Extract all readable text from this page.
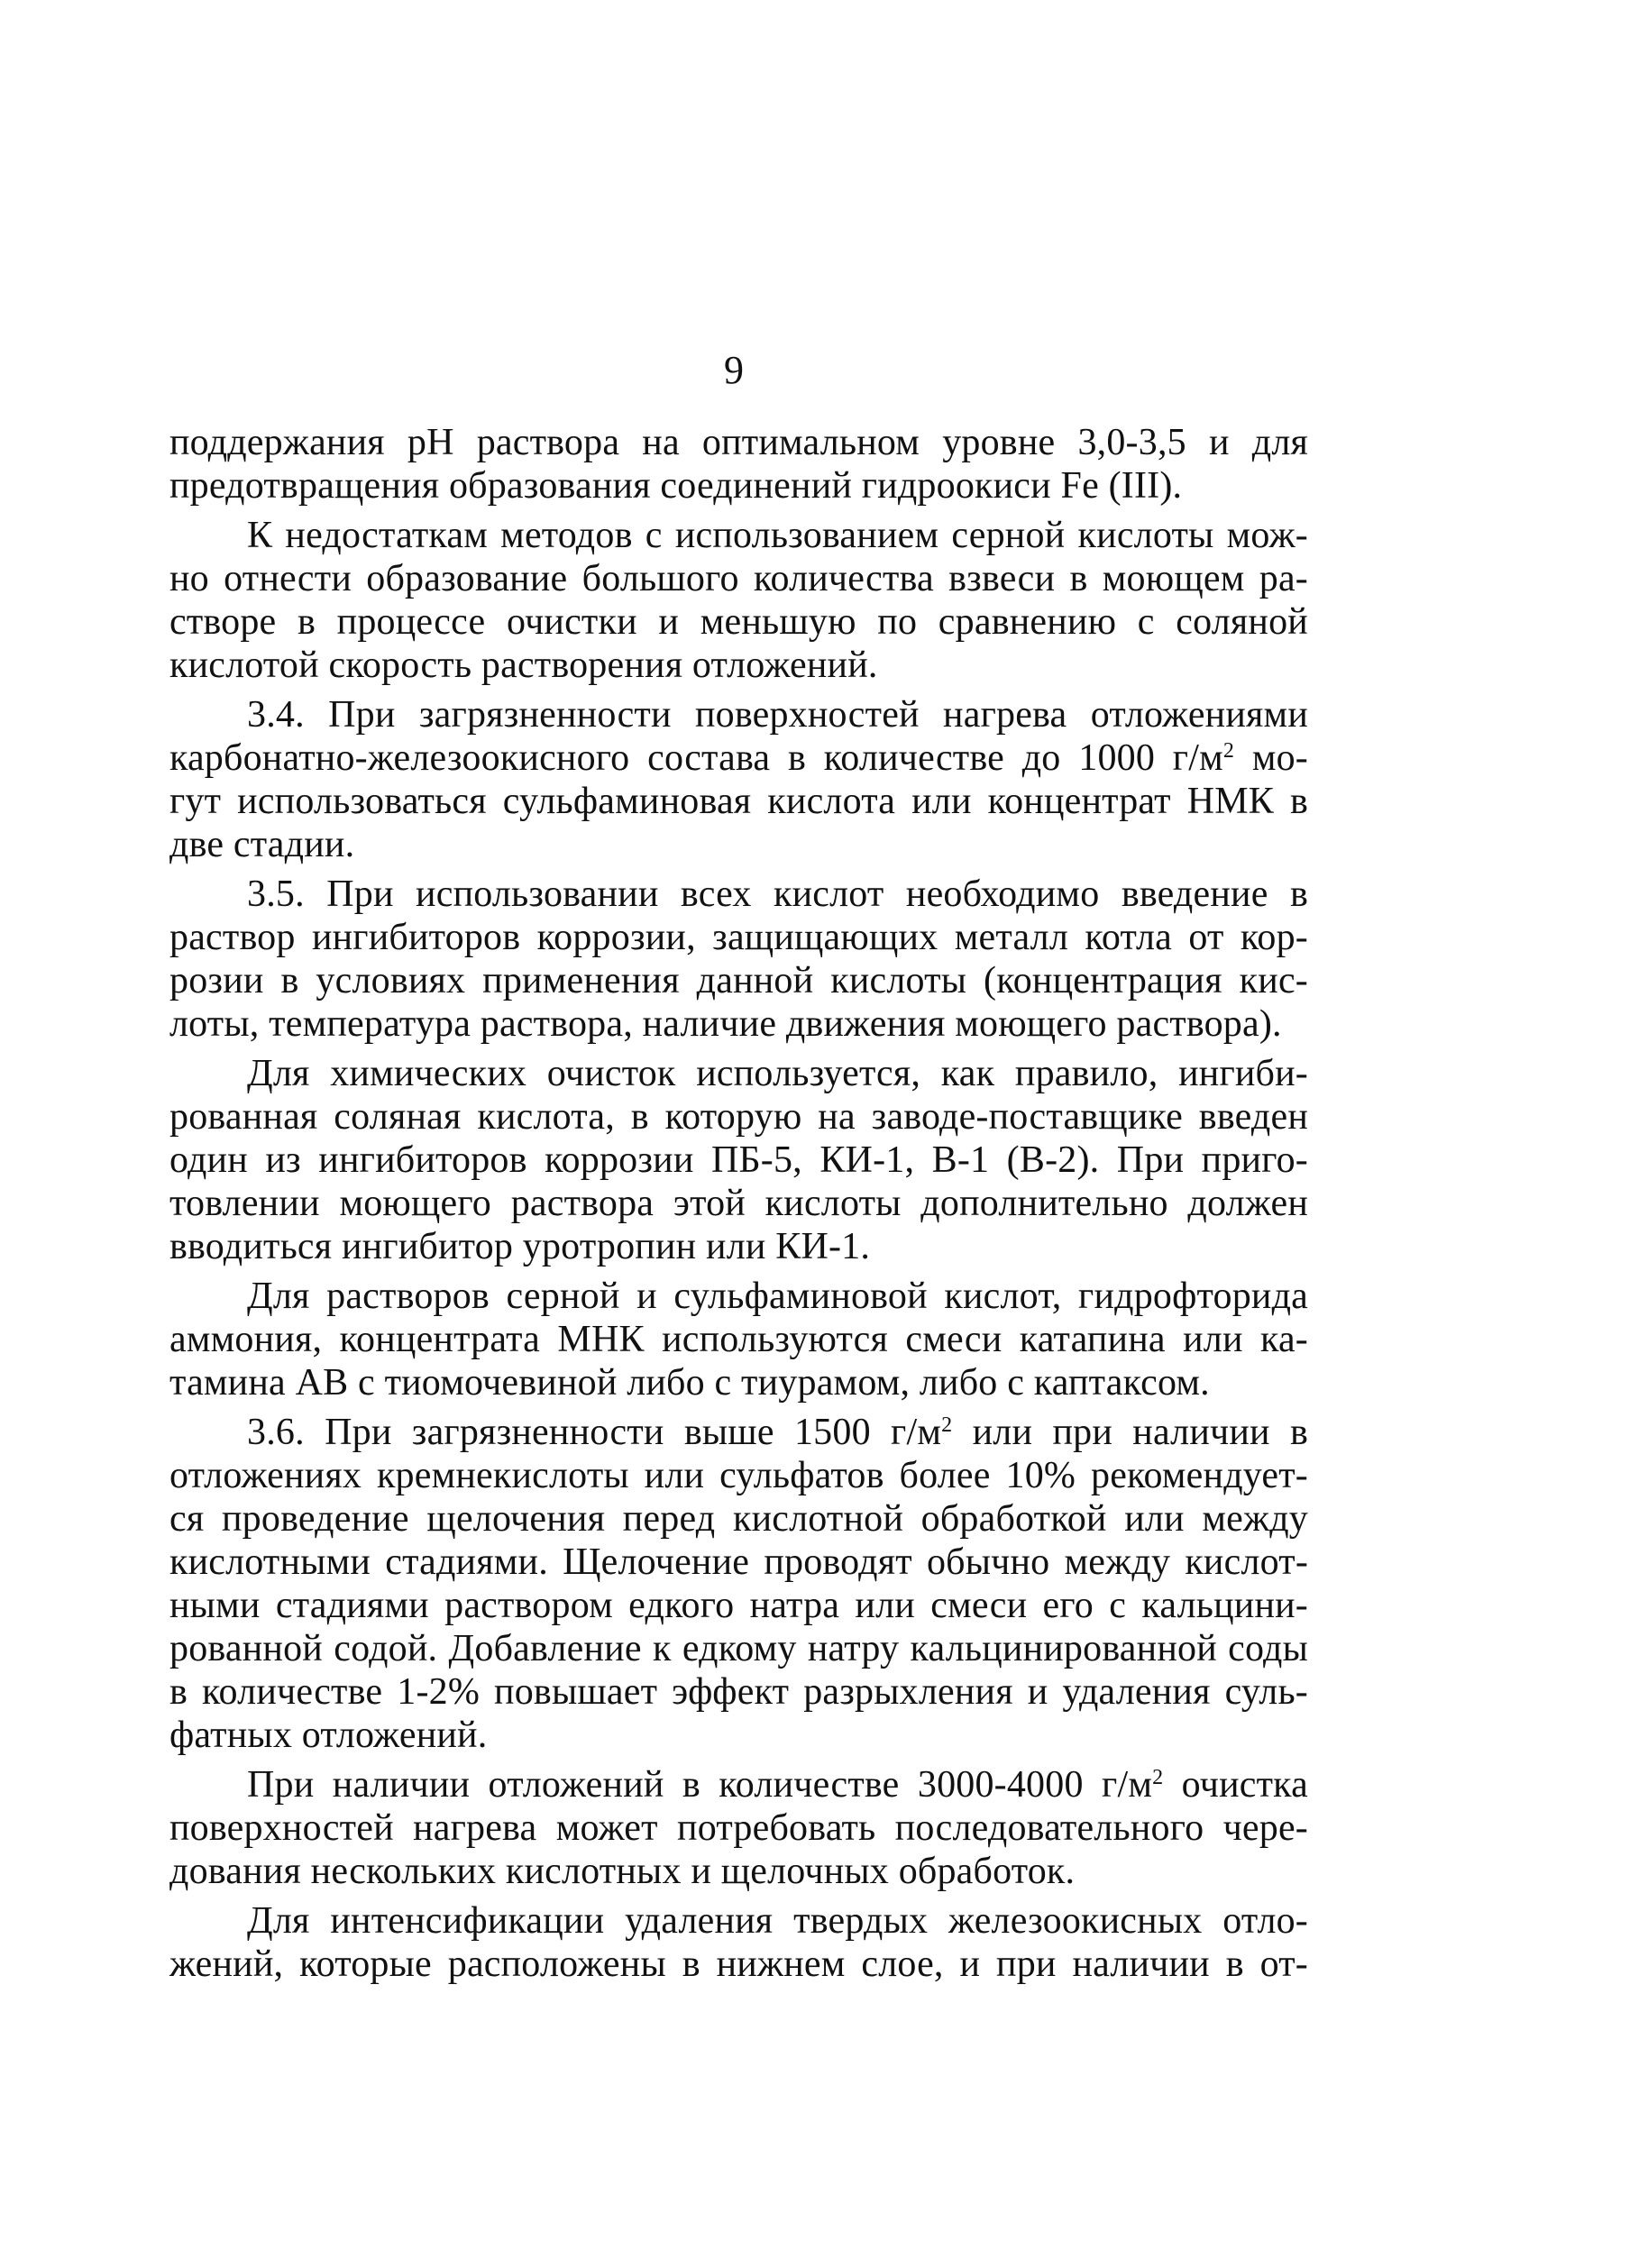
9
поддержания pH раствора на оптимальном уровне 3,0-3,5 и для
предотвращения образования соединений гидроокиси Fe (III).
К недостаткам методов с использованием серной кислоты мож-
но отнести образование большого количества взвеси в моющем ра-
створе в процессе очистки и меньшую по сравнению с соляной
кислотой скорость растворения отложений.
3.4. При загрязненности поверхностей нагрева отложениями
карбонатно-железоокисного состава в количестве до 1000 $г/м^2$ мо-
гут использоваться сульфаминовая кислота или концентрат НМК в
две стадии.
3.5. При использовании всех кислот необходимо введение в
раствор ингибиторов коррозии, защищающих металл котла от кор-
розии в условиях применения данной кислоты (концентрация кис-
лоты, температура раствора, наличие движения моющего раствора).
Для химических очисток используется, как правило, ингиби-
рованная соляная кислота, в которую на заводе-поставщике введен
один из ингибиторов коррозии ПБ-5, КИ-1, В-1 (В-2). При приго-
товлении моющего раствора этой кислоты дополнительно должен
вводиться ингибитор уротропин или КИ-1.
Для растворов серной и сульфаминовой кислот, гидрофторида
аммония, концентрата МНК используются смеси катапина или ка-
тамина АВ с тиомочевиной либо с тиурамом, либо с каптаксом.
3.6. При загрязненности выше 1500 $г/м^2$ или при наличии в
отложениях кремнекислоты или сульфатов более 10% рекомендует-
ся проведение щелочения перед кислотной обработкой или между
кислотными стадиями. Щелочение проводят обычно между кислот-
ными стадиями раствором едкого натра или смеси его с кальцини-
рованной содой. Добавление к едкому натру кальцинированной соды
в количестве 1-2% повышает эффект разрыхления и удаления суль-
фатных отложений.
При наличии отложений в количестве 3000-4000 $г/м^2$ очистка
поверхностей нагрева может потребовать последовательного чере-
дования нескольких кислотных и щелочных обработок.
Для интенсификации удаления твердых железоокисных отло-
жений, которые расположены в нижнем слое, и при наличии в от-
